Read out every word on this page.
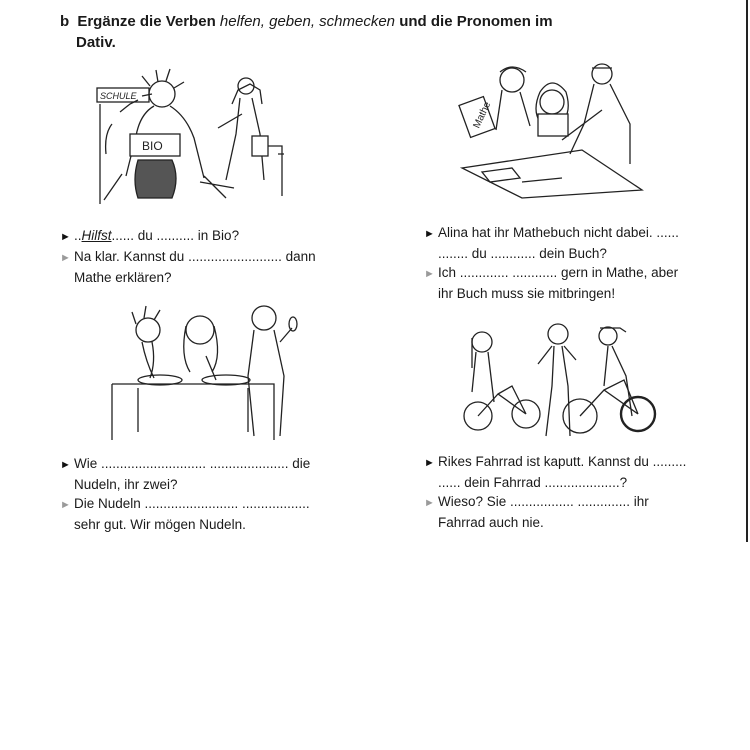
b Ergänze die Verben helfen, geben, schmecken und die Pronomen im
Dativ.
SCHULE
BIO
Mathe
► ..Hilfst...... du .......... in Bio?
► Na klar. Kannst du ......................... dann
Mathe erklären?
► Alina hat ihr Mathebuch nicht dabei. ......
........ du ............ dein Buch?
► Ich ............. ............ gern in Mathe, aber
ihr Buch muss sie mitbringen!
► Wie ............................ ..................... die
Nudeln, ihr zwei?
► Die Nudeln ......................... ..................
sehr gut. Wir mögen Nudeln.
► Rikes Fahrrad ist kaputt. Kannst du .........
...... dein Fahrrad ....................?
► Wieso? Sie ................. .............. ihr
Fahrrad auch nie.
